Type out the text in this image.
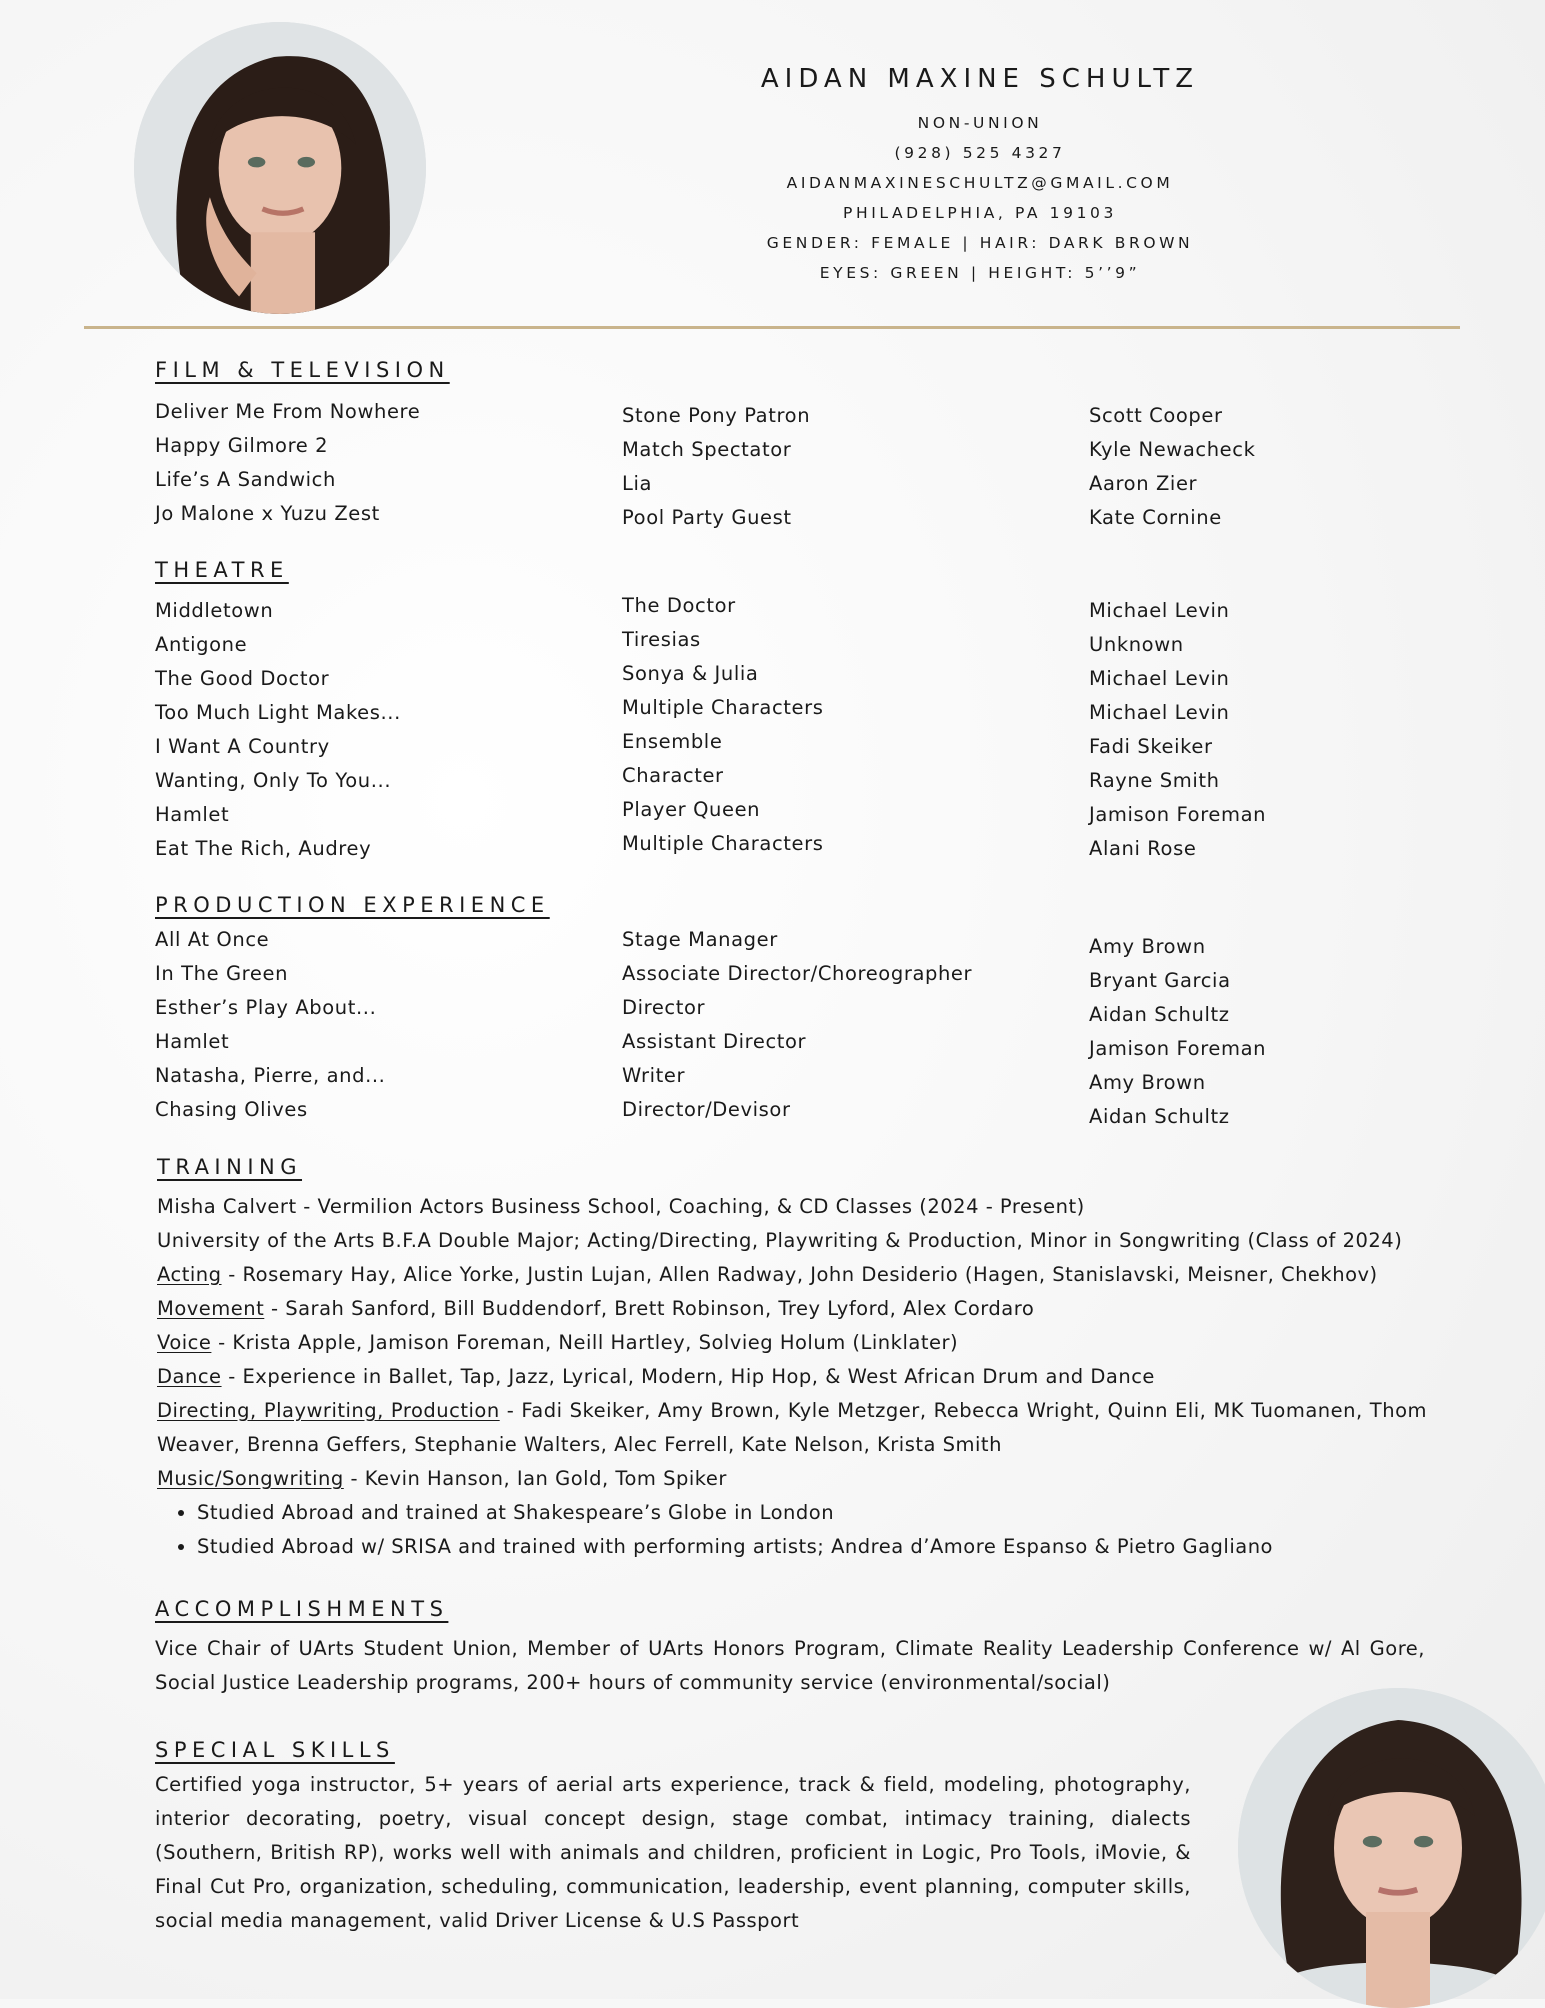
AIDAN MAXINE SCHULTZ
NON-UNION
(928) 525 4327
AIDANMAXINESCHULTZ@GMAIL.COM
PHILADELPHIA, PA 19103
GENDER: FEMALE | HAIR: DARK BROWN
EYES: GREEN | HEIGHT: 5’’9”
FILM & TELEVISION
Deliver Me From Nowhere
Happy Gilmore 2
Life’s A Sandwich
Jo Malone x Yuzu Zest
Stone Pony Patron
Match Spectator
Lia
Pool Party Guest
Scott Cooper
Kyle Newacheck
Aaron Zier
Kate Cornine
THEATRE
Middletown
Antigone
The Good Doctor
Too Much Light Makes...
I Want A Country
Wanting, Only To You...
Hamlet
Eat The Rich, Audrey
The Doctor
Tiresias
Sonya & Julia
Multiple Characters
Ensemble
Character
Player Queen
Multiple Characters
Michael Levin
Unknown
Michael Levin
Michael Levin
Fadi Skeiker
Rayne Smith
Jamison Foreman
Alani Rose
PRODUCTION EXPERIENCE
All At Once
In The Green
Esther’s Play About...
Hamlet
Natasha, Pierre, and...
Chasing Olives
Stage Manager
Associate Director/Choreographer
Director
Assistant Director
Writer
Director/Devisor
Amy Brown
Bryant Garcia
Aidan Schultz
Jamison Foreman
Amy Brown
Aidan Schultz
TRAINING
Misha Calvert - Vermilion Actors Business School, Coaching, & CD Classes (2024 - Present)
University of the Arts B.F.A Double Major; Acting/Directing, Playwriting & Production, Minor in Songwriting (Class of 2024)
Acting - Rosemary Hay, Alice Yorke, Justin Lujan, Allen Radway, John Desiderio (Hagen, Stanislavski, Meisner, Chekhov)
Movement - Sarah Sanford, Bill Buddendorf, Brett Robinson, Trey Lyford, Alex Cordaro
Voice - Krista Apple, Jamison Foreman, Neill Hartley, Solvieg Holum (Linklater)
Dance - Experience in Ballet, Tap, Jazz, Lyrical, Modern, Hip Hop, & West African Drum and Dance
Directing, Playwriting, Production - Fadi Skeiker, Amy Brown, Kyle Metzger, Rebecca Wright, Quinn Eli, MK Tuomanen, Thom Weaver, Brenna Geffers, Stephanie Walters, Alec Ferrell, Kate Nelson, Krista Smith
Music/Songwriting - Kevin Hanson, Ian Gold, Tom Spiker
• Studied Abroad and trained at Shakespeare’s Globe in London
• Studied Abroad w/ SRISA and trained with performing artists; Andrea d’Amore Espanso & Pietro Gagliano
ACCOMPLISHMENTS
Vice Chair of UArts Student Union, Member of UArts Honors Program, Climate Reality Leadership Conference w/ Al Gore, Social Justice Leadership programs, 200+ hours of community service (environmental/social)
SPECIAL SKILLS
Certified yoga instructor, 5+ years of aerial arts experience, track & field, modeling, photography, interior decorating, poetry, visual concept design, stage combat, intimacy training, dialects (Southern, British RP), works well with animals and children, proficient in Logic, Pro Tools, iMovie, & Final Cut Pro, organization, scheduling, communication, leadership, event planning, computer skills, social media management, valid Driver License & U.S Passport
